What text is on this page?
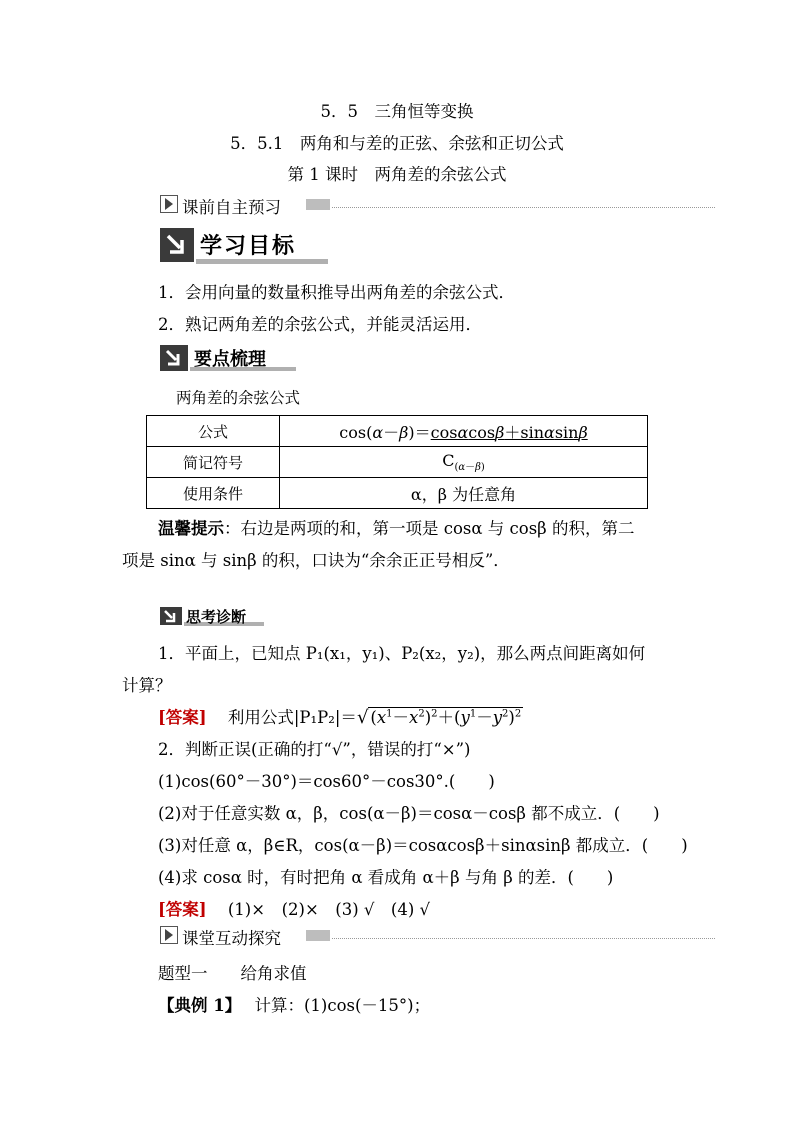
5．5　三角恒等变换
5．5.1　两角和与差的正弦、余弦和正切公式
第 1 课时　两角差的余弦公式
课前自主预习
学习目标
1．会用向量的数量积推导出两角差的余弦公式．
2．熟记两角差的余弦公式，并能灵活运用．
要点梳理
两角差的余弦公式
公式	cos(α－β)＝cosαcosβ＋sinαsinβ
简记符号	$C_{(\alpha-\beta)}$
使用条件	α，β 为任意角
温馨提示：右边是两项的和，第一项是 cosα 与 cosβ 的积，第二
项是 sinα 与 sinβ 的积，口诀为“余余正正号相反”．
思考诊断
1．平面上，已知点 P₁(x₁，y₁)、P₂(x₂，y₂)，那么两点间距离如何
计算？
[答案] 利用公式|P₁P₂|＝√ $(x^1-x^2)^2+(y^1-y^2)^2$
2．判断正误(正确的打“√”，错误的打“×”)
(1)cos(60°－30°)＝cos60°－cos30°.(　　)
(2)对于任意实数 α，β，cos(α－β)＝cosα－cosβ 都不成立．(　　)
(3)对任意 α，β∈R，cos(α－β)＝cosαcosβ＋sinαsinβ 都成立．(　　)
(4)求 cosα 时，有时把角 α 看成角 α＋β 与角 β 的差．(　　)
[答案] (1)×　(2)×　(3) √　(4) √
课堂互动探究
题型一　　给角求值
【典例 1】 计算：(1)cos(－15°)；
